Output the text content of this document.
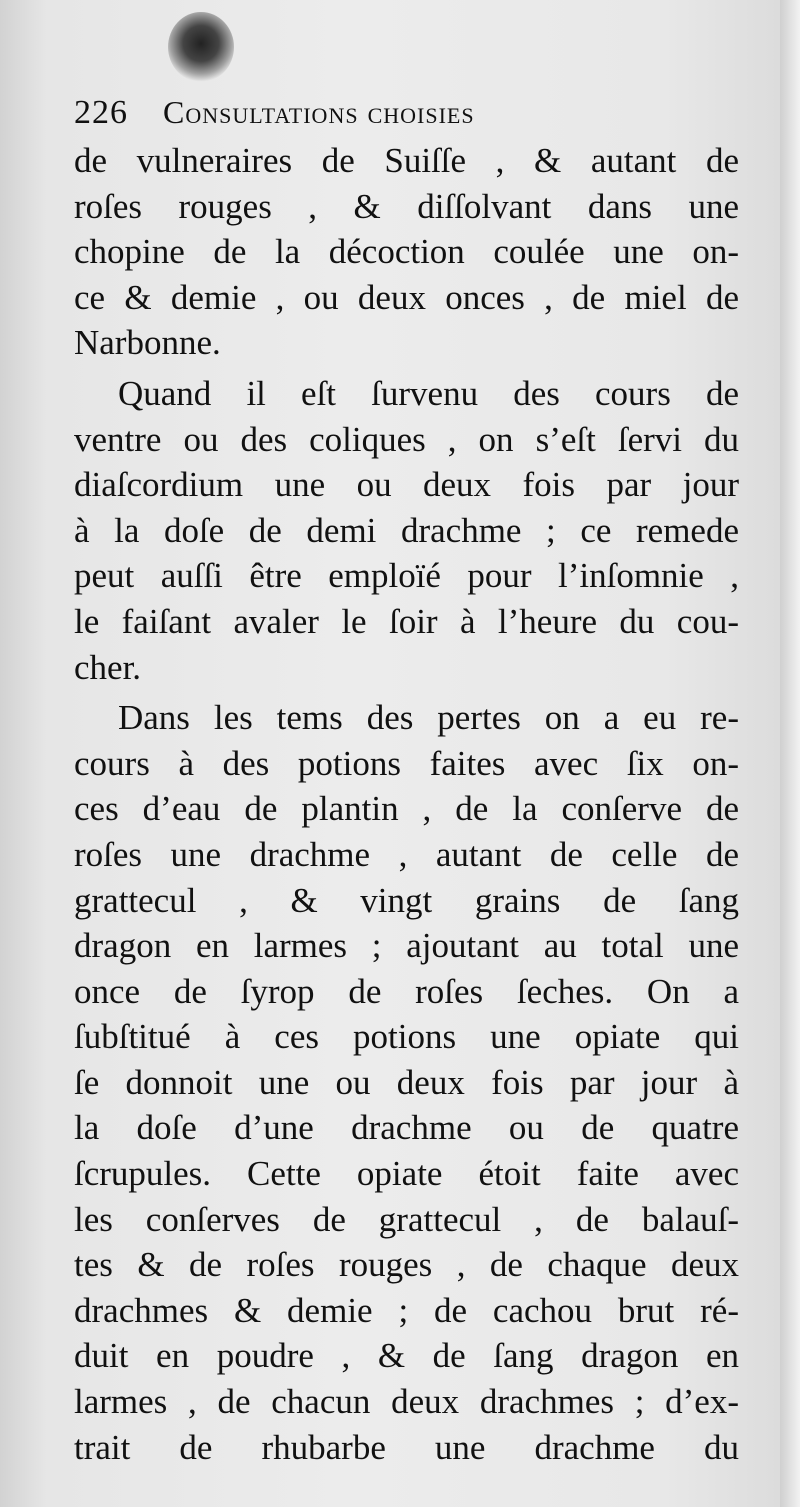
226 Consultations choisies
de vulneraires de Suiſſe , & autant de
roſes rouges , & diſſolvant dans une
chopine de la décoction coulée une on-
ce & demie , ou deux onces , de miel de
Narbonne.
Quand il eſt ſurvenu des cours de
ventre ou des coliques , on s’eſt ſervi du
diaſcordium une ou deux fois par jour
à la doſe de demi drachme ; ce remede
peut auſſi être emploïé pour l’inſomnie ,
le faiſant avaler le ſoir à l’heure du cou-
cher.
Dans les tems des pertes on a eu re-
cours à des potions faites avec ſix on-
ces d’eau de plantin , de la conſerve de
roſes une drachme , autant de celle de
grattecul , & vingt grains de ſang
dragon en larmes ; ajoutant au total une
once de ſyrop de roſes ſeches. On a
ſubſtitué à ces potions une opiate qui
ſe donnoit une ou deux fois par jour à
la doſe d’une drachme ou de quatre
ſcrupules. Cette opiate étoit faite avec
les conſerves de grattecul , de balauſ-
tes & de roſes rouges , de chaque deux
drachmes & demie ; de cachou brut ré-
duit en poudre , & de ſang dragon en
larmes , de chacun deux drachmes ; d’ex-
trait de rhubarbe une drachme du
